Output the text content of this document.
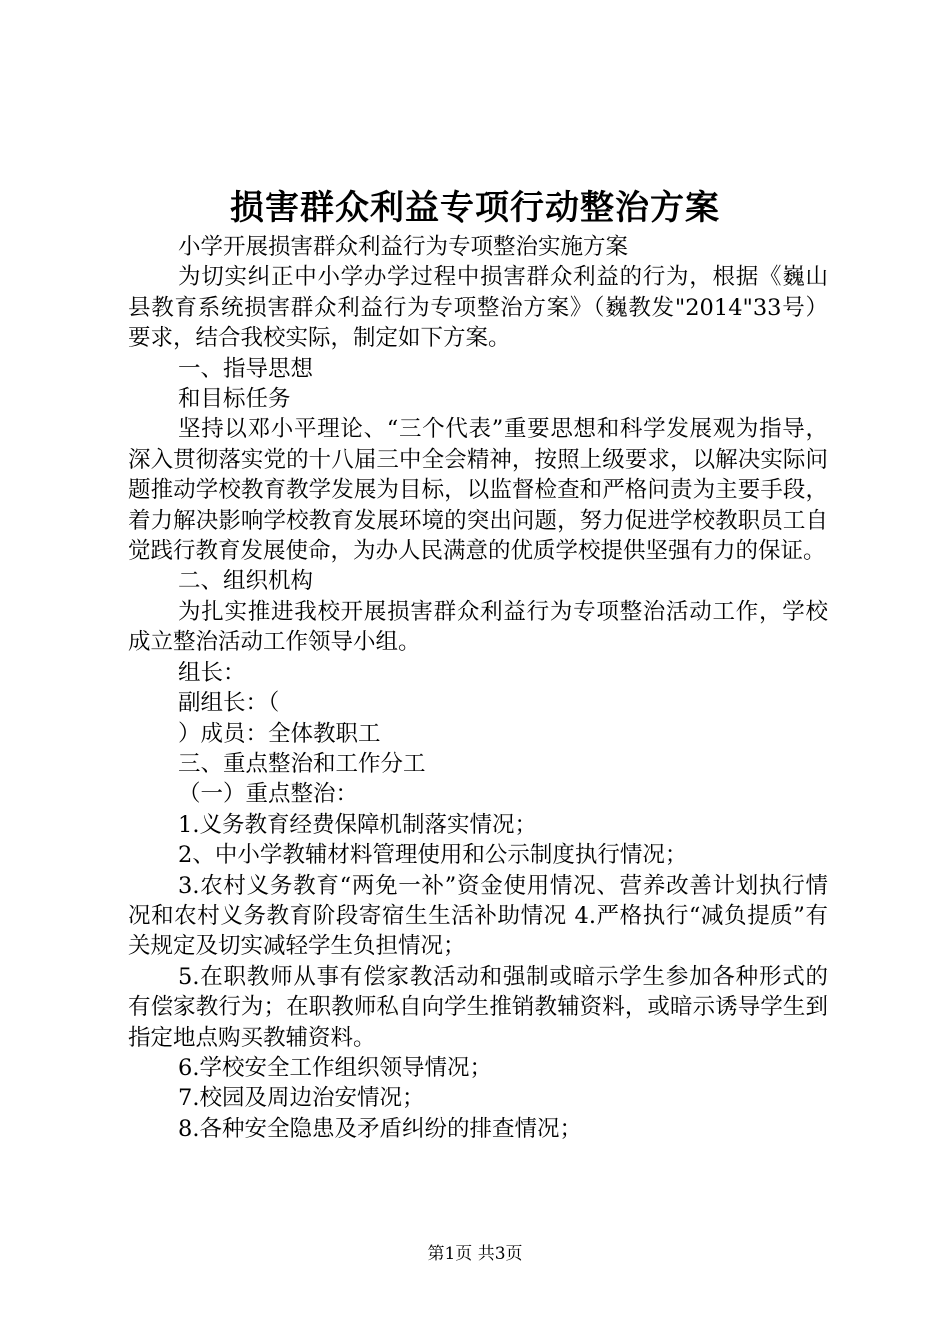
损害群众利益专项行动整治方案

小学开展损害群众利益行为专项整治实施方案

为切实纠正中小学办学过程中损害群众利益的行为，根据《巍山县教育系统损害群众利益行为专项整治方案》（巍教发"2014"33号）要求，结合我校实际，制定如下方案。

一、指导思想

和目标任务

坚持以邓小平理论、“三个代表”重要思想和科学发展观为指导，深入贯彻落实党的十八届三中全会精神，按照上级要求，以解决实际问题推动学校教育教学发展为目标，以监督检查和严格问责为主要手段，着力解决影响学校教育发展环境的突出问题，努力促进学校教职员工自觉践行教育发展使命，为办人民满意的优质学校提供坚强有力的保证。

二、组织机构

为扎实推进我校开展损害群众利益行为专项整治活动工作，学校成立整治活动工作领导小组。

组长：

副组长：（

）成员：全体教职工

三、重点整治和工作分工

（一）重点整治：

1.义务教育经费保障机制落实情况；

2、中小学教辅材料管理使用和公示制度执行情况；

3.农村义务教育“两免一补”资金使用情况、营养改善计划执行情况和农村义务教育阶段寄宿生生活补助情况 4.严格执行“减负提质”有关规定及切实减轻学生负担情况；

5.在职教师从事有偿家教活动和强制或暗示学生参加各种形式的有偿家教行为；在职教师私自向学生推销教辅资料，或暗示诱导学生到指定地点购买教辅资料。

6.学校安全工作组织领导情况；

7.校园及周边治安情况；

8.各种安全隐患及矛盾纠纷的排查情况；

第1页 共3页
